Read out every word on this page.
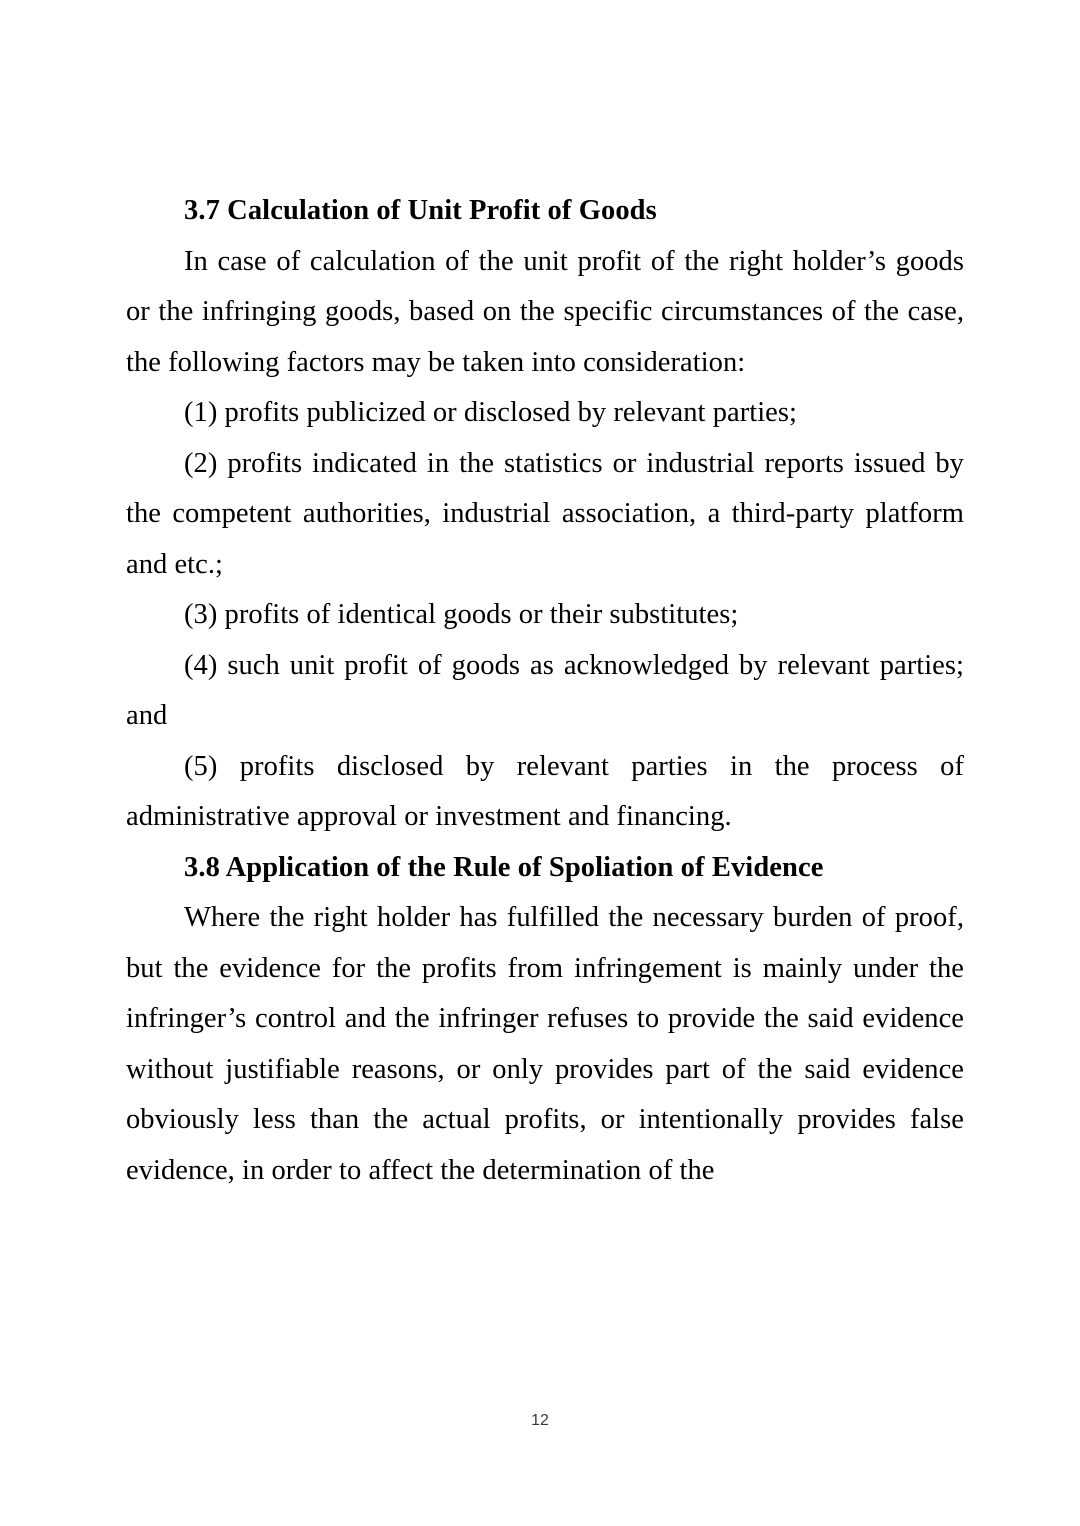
3.7 Calculation of Unit Profit of Goods

In case of calculation of the unit profit of the right holder’s goods or the infringing goods, based on the specific circumstances of the case, the following factors may be taken into consideration:

(1) profits publicized or disclosed by relevant parties;

(2) profits indicated in the statistics or industrial reports issued by the competent authorities, industrial association, a third-party platform and etc.;

(3) profits of identical goods or their substitutes;

(4) such unit profit of goods as acknowledged by relevant parties; and

(5) profits disclosed by relevant parties in the process of administrative approval or investment and financing.

3.8 Application of the Rule of Spoliation of Evidence

Where the right holder has fulfilled the necessary burden of proof, but the evidence for the profits from infringement is mainly under the infringer’s control and the infringer refuses to provide the said evidence without justifiable reasons, or only provides part of the said evidence obviously less than the actual profits, or intentionally provides false evidence, in order to affect the determination of the

12
